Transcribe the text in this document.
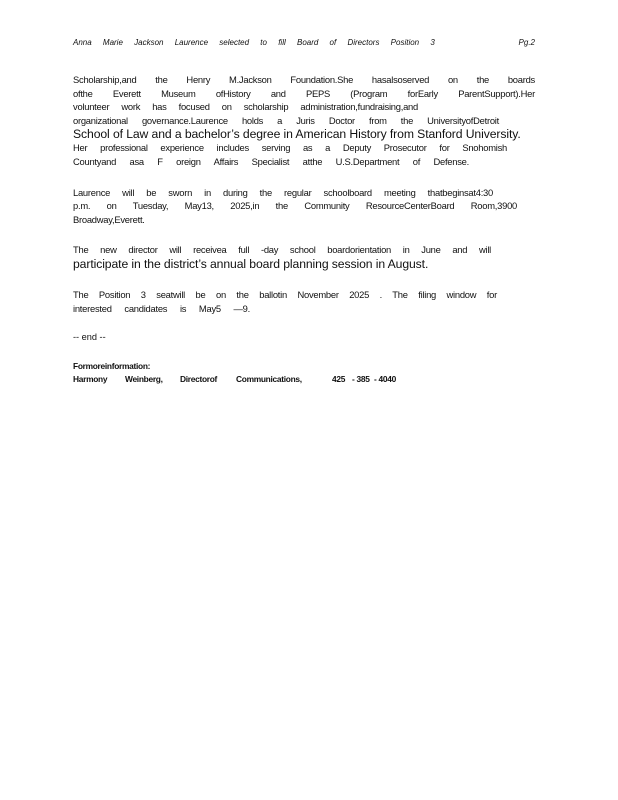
Anna Marie Jackson Laurence selected to fill Board of Directors Position 3	Pg.2

Scholarship,and the Henry M.Jackson Foundation.She hasalsoserved on the boards
ofthe Everett Museum ofHistory and PEPS (Program forEarly ParentSupport).Her
volunteer work has focused on scholarship administration,fundraising,and
organizational governance.Laurence holds a Juris Doctor from the UniversityofDetroit
School of Law and a bachelor’s degree in American History from Stanford University.
Her professional experience includes serving as a Deputy Prosecutor for Snohomish
Countyand asa F oreign Affairs Specialist atthe U.S.Department of Defense.

Laurence will be sworn in during the regular schoolboard meeting thatbeginsat4:30
p.m. on Tuesday, May13, 2025,in the Community ResourceCenterBoard Room,3900
Broadway,Everett.

The new director will receivea full -day school boardorientation in June and will
participate in the district’s annual board planning session in August.

The Position 3 seatwill be on the ballotin November 2025 . The filing window for
interested candidates is May5 —9.

-- end --
Formoreinformation:
Harmony	Weinberg,	Directorof	Communications,	425 - 385 - 4040
